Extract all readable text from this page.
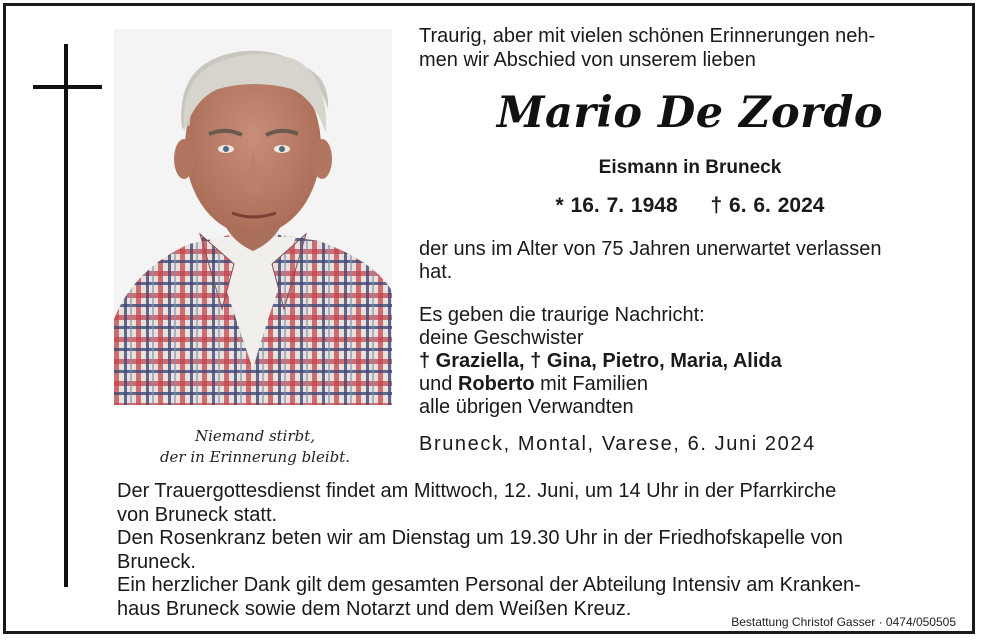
Niemand stirbt,
der in Erinnerung bleibt.
Traurig, aber mit vielen schönen Erinnerungen neh-
men wir Abschied von unserem lieben
Mario De Zordo
Eismann in Bruneck
* 16. 7. 1948 † 6. 6. 2024
der uns im Alter von 75 Jahren unerwartet verlassen
hat.
Es geben die traurige Nachricht:
deine Geschwister
† Graziella, † Gina, Pietro, Maria, Alida
und Roberto mit Familien
alle übrigen Verwandten
Bruneck, Montal, Varese, 6. Juni 2024
Der Trauergottesdienst findet am Mittwoch, 12. Juni, um 14 Uhr in der Pfarrkirche
von Bruneck statt.
Den Rosenkranz beten wir am Dienstag um 19.30 Uhr in der Friedhofskapelle von
Bruneck.
Ein herzlicher Dank gilt dem gesamten Personal der Abteilung Intensiv am Kranken-
haus Bruneck sowie dem Notarzt und dem Weißen Kreuz.
Bestattung Christof Gasser · 0474/050505
